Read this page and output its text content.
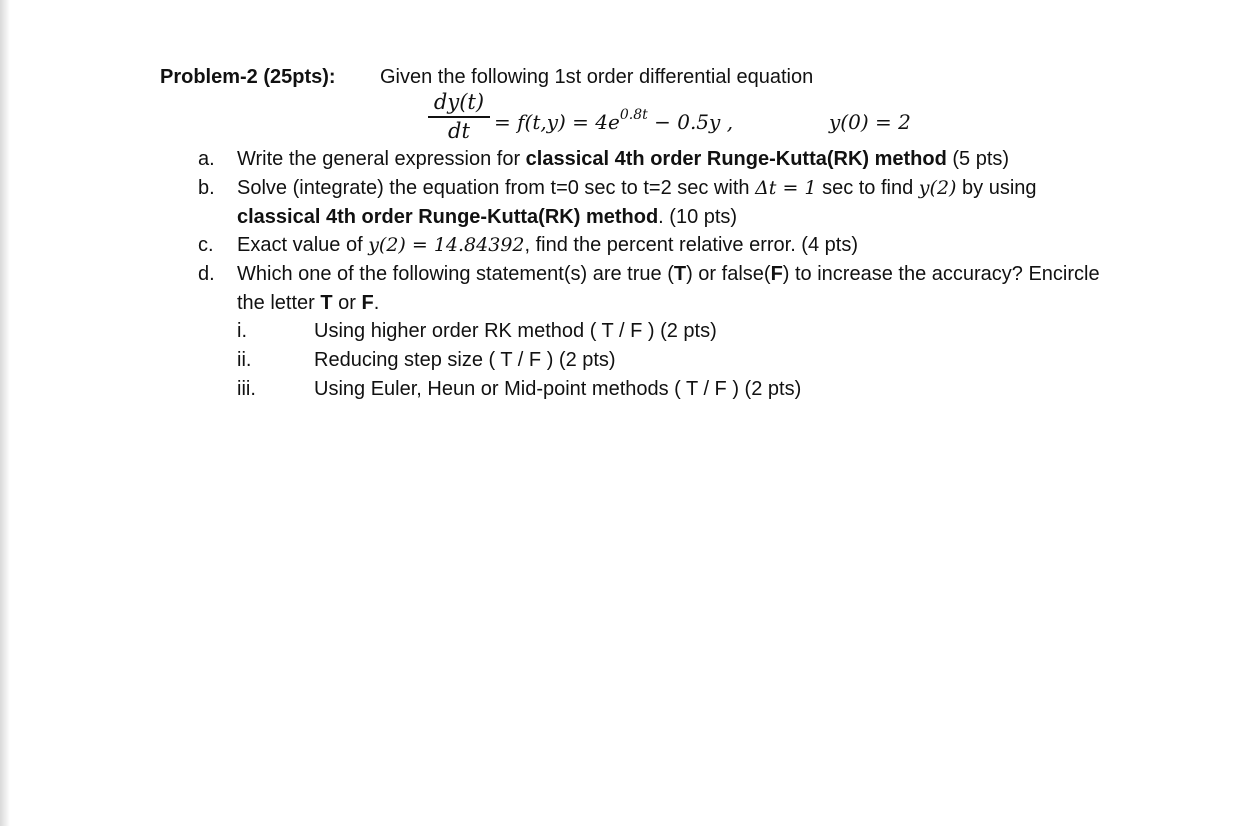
Problem-2 (25pts): Given the following 1st order differential equation
dy(t)
dt	= $f(t,y) = 4e^{0.8t} - 0.5y$ ,	y(0) = 2
a. Write the general expression for classical 4th order Runge-Kutta(RK) method (5 pts)
b. Solve (integrate) the equation from t=0 sec to t=2 sec with Δt = 1 sec to find y(2) by using
classical 4th order Runge-Kutta(RK) method. (10 pts)
c. Exact value of y(2) = 14.84392, find the percent relative error. (4 pts)
d. Which one of the following statement(s) are true (T) or false(F) to increase the accuracy? Encircle
the letter T or F.
i.	Using higher order RK method ( T / F ) (2 pts)
ii.	Reducing step size ( T / F ) (2 pts)
iii.	Using Euler, Heun or Mid-point methods ( T / F ) (2 pts)
